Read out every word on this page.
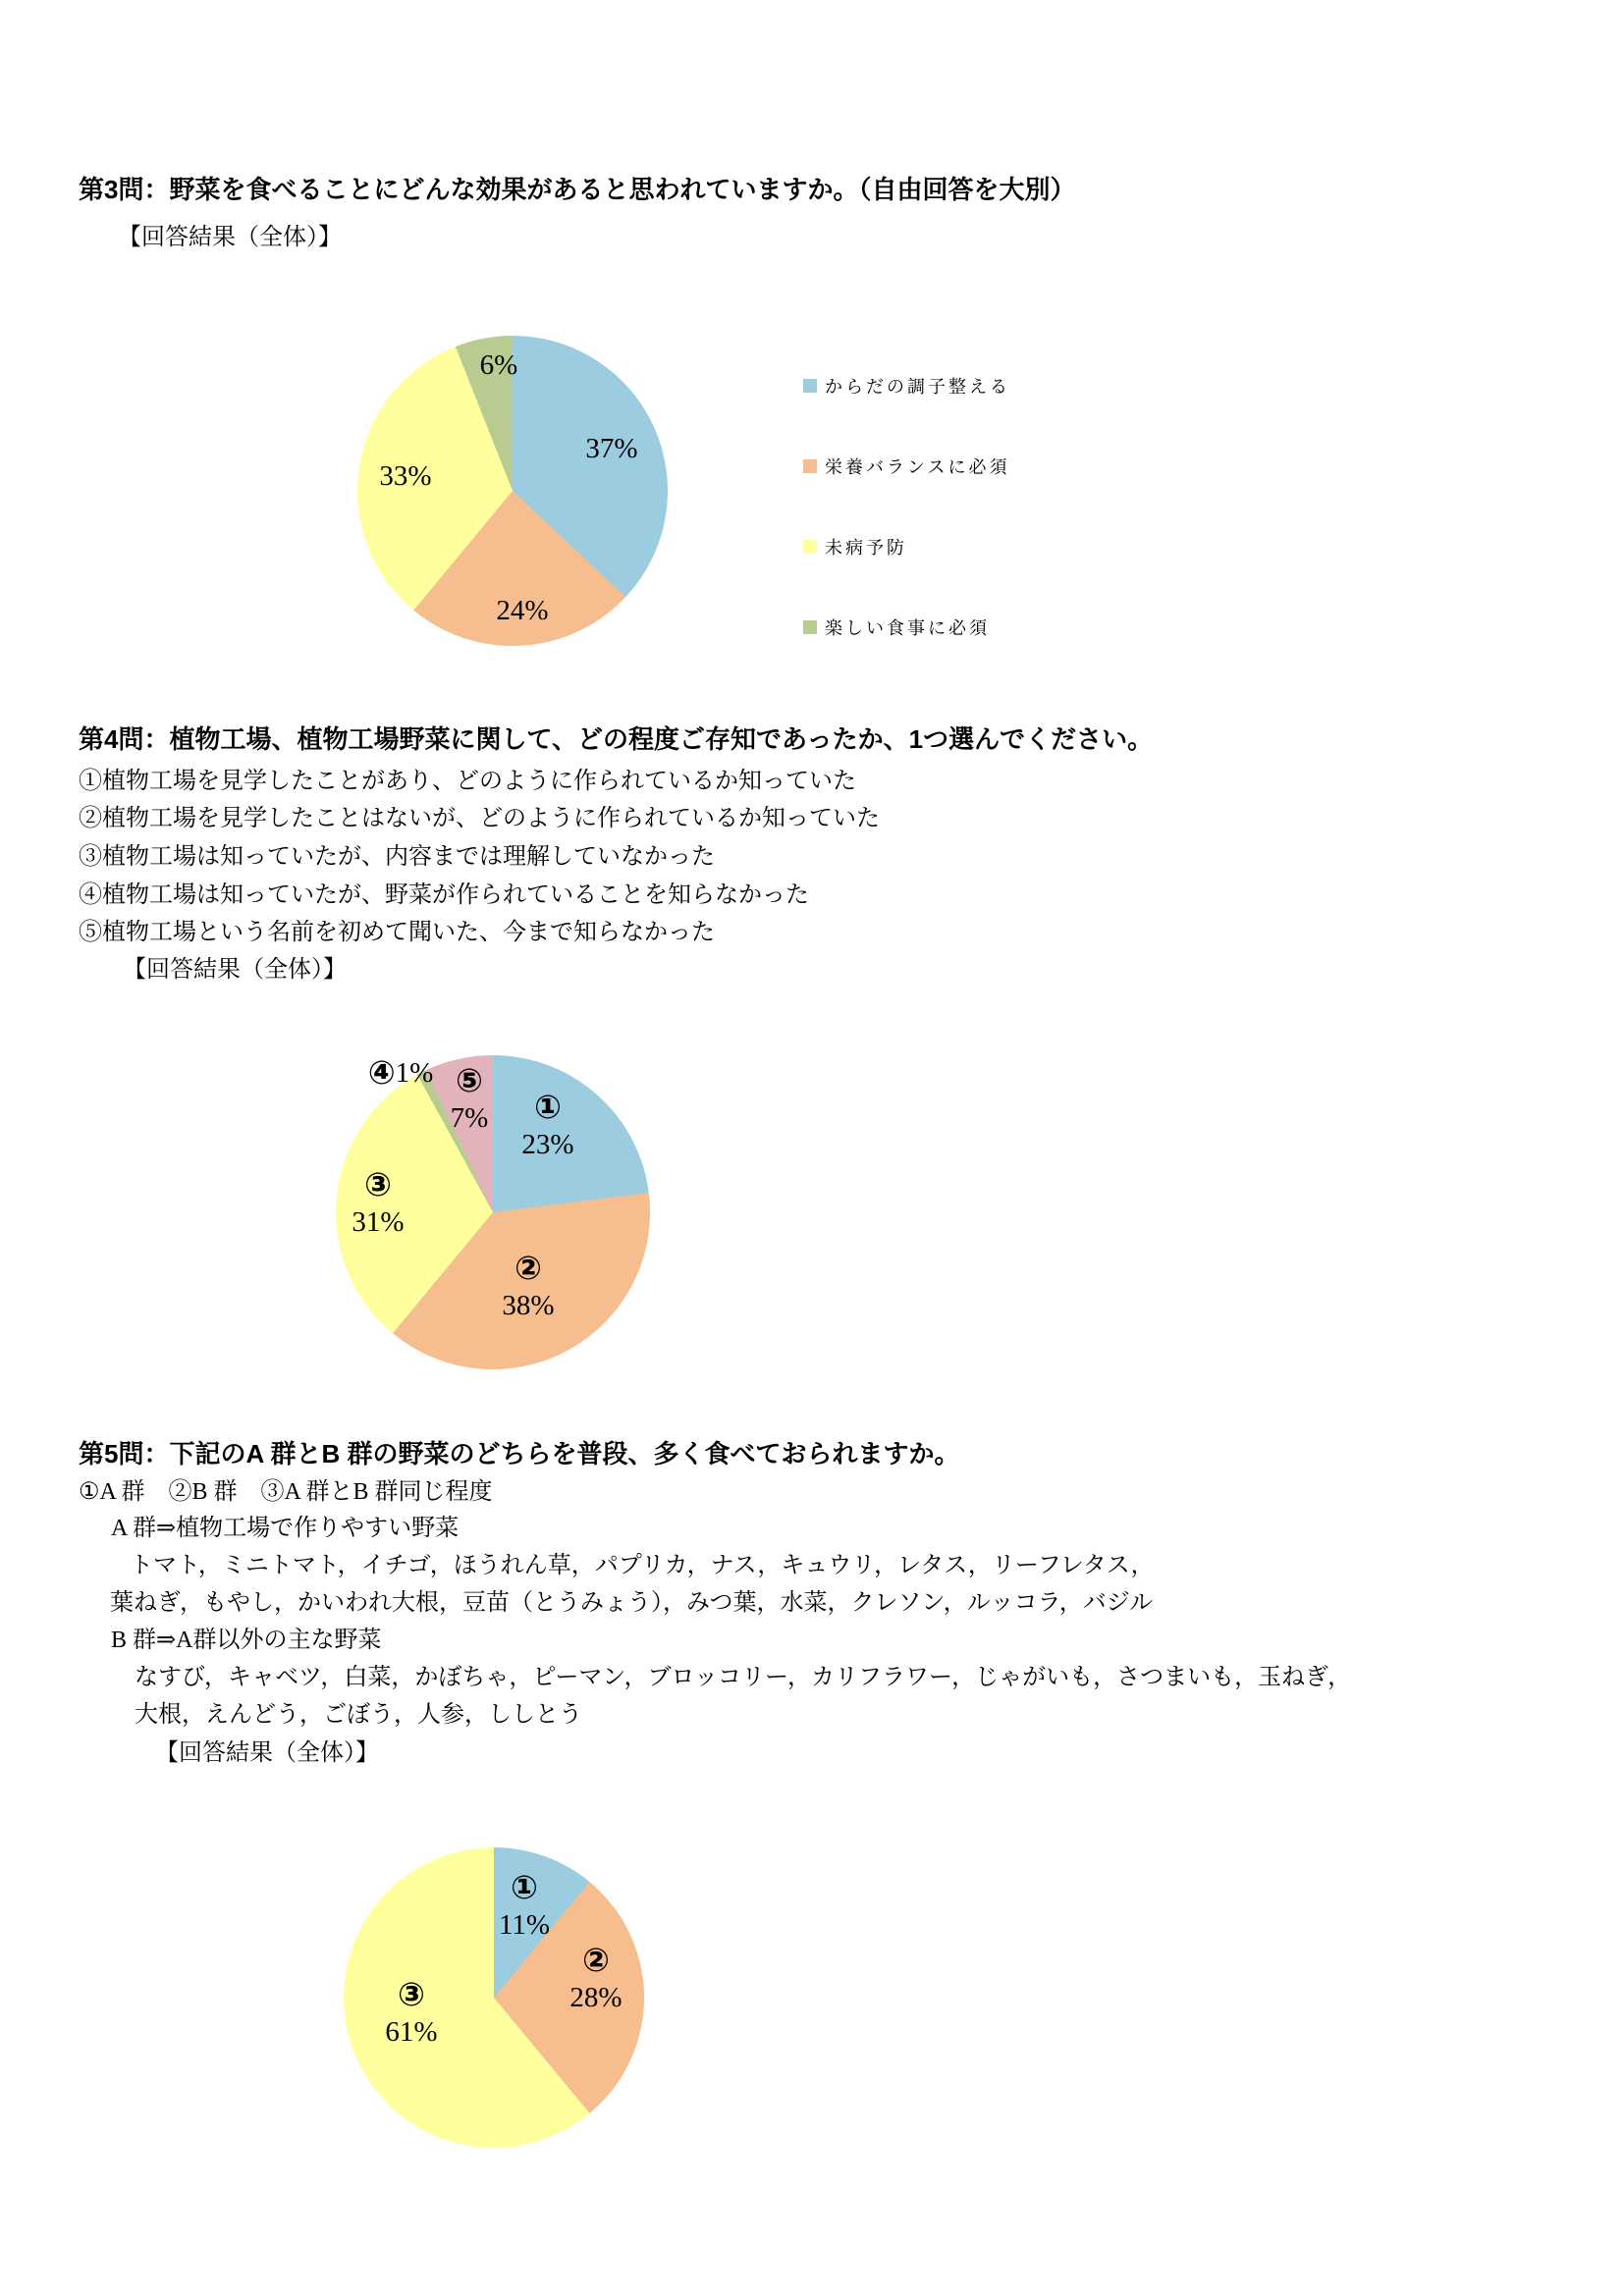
第3問：野菜を食べることにどんな効果があると思われていますか。（自由回答を大別）
【回答結果（全体）】
37%
24%
33%
6%
からだの調子整える
栄養バランスに必須
未病予防
楽しい食事に必須
第4問：植物工場、植物工場野菜に関して、どの程度ご存知であったか、1つ選んでください。
①植物工場を見学したことがあり、どのように作られているか知っていた
②植物工場を見学したことはないが、どのように作られているか知っていた
③植物工場は知っていたが、内容までは理解していなかった
④植物工場は知っていたが、野菜が作られていることを知らなかった
⑤植物工場という名前を初めて聞いた、今まで知らなかった
【回答結果（全体）】
④1% ⑤
7%	①
23%
③
31%
②
38%
第5問：下記のA 群とB 群の野菜のどちらを普段、多く食べておられますか。
①A 群　②B 群　③A 群とB 群同じ程度
A 群⇒植物工場で作りやすい野菜
トマト，ミニトマト，イチゴ，ほうれん草，パプリカ，ナス，キュウリ，レタス，リーフレタス，
葉ねぎ，もやし，かいわれ大根，豆苗（とうみょう），みつ葉，水菜，クレソン，ルッコラ，バジル
B 群⇒A群以外の主な野菜
なすび，キャベツ，白菜，かぼちゃ，ピーマン，ブロッコリー，カリフラワー，じゃがいも，さつまいも，玉ねぎ，
大根，えんどう，ごぼう，人参，ししとう
【回答結果（全体）】
①
11%
②
28%
③
61%
